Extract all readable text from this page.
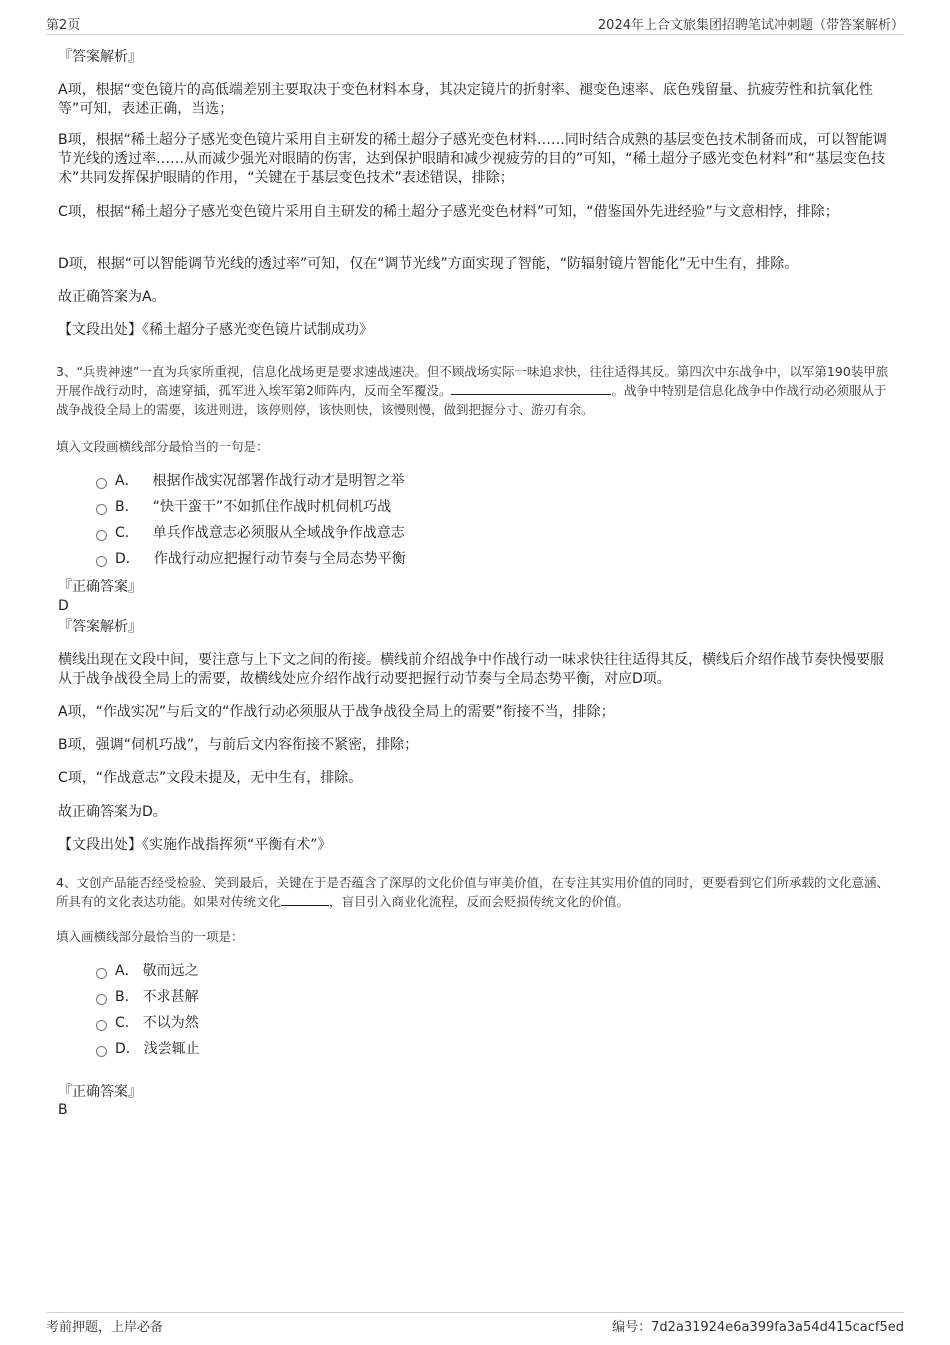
第2页	2024年上合文旅集团招聘笔试冲刺题（带答案解析）
『答案解析』
A项，根据“变色镜片的高低端差别主要取决于变色材料本身，其决定镜片的折射率、褪变色速率、底色残留量、抗疲劳性和抗氧化性等”可知，表述正确，当选；
B项，根据“稀土超分子感光变色镜片采用自主研发的稀土超分子感光变色材料……同时结合成熟的基层变色技术制备而成，可以智能调节光线的透过率……从而减少强光对眼睛的伤害，达到保护眼睛和减少视疲劳的目的”可知，“稀土超分子感光变色材料”和“基层变色技术”共同发挥保护眼睛的作用，“关键在于基层变色技术”表述错误，排除；
C项，根据“稀土超分子感光变色镜片采用自主研发的稀土超分子感光变色材料”可知，“借鉴国外先进经验”与文意相悖，排除；
D项，根据“可以智能调节光线的透过率”可知，仅在“调节光线”方面实现了智能，“防辐射镜片智能化”无中生有，排除。
故正确答案为A。
【文段出处】《稀土超分子感光变色镜片试制成功》
3、“兵贵神速”一直为兵家所重视，信息化战场更是要求速战速决。但不顾战场实际一味追求快，往往适得其反。第四次中东战争中，以军第190装甲旅开展作战行动时，高速穿插，孤军进入埃军第2师阵内，反而全军覆没。	。战争中特别是信息化战争中作战行动必须服从于战争战役全局上的需要，该进则进，该停则停，该快则快，该慢则慢，做到把握分寸、游刃有余。
填入文段画横线部分最恰当的一句是：
A． 根据作战实况部署作战行动才是明智之举
B． “快干蛮干”不如抓住作战时机伺机巧战
C． 单兵作战意志必须服从全域战争作战意志
D． 作战行动应把握行动节奏与全局态势平衡
『正确答案』
D
『答案解析』
横线出现在文段中间，要注意与上下文之间的衔接。横线前介绍战争中作战行动一味求快往往适得其反，横线后介绍作战节奏快慢要服从于战争战役全局上的需要，故横线处应介绍作战行动要把握行动节奏与全局态势平衡，对应D项。
A项，“作战实况”与后文的“作战行动必须服从于战争战役全局上的需要”衔接不当，排除；
B项，强调“伺机巧战”，与前后文内容衔接不紧密，排除；
C项，“作战意志”文段未提及，无中生有，排除。
故正确答案为D。
【文段出处】《实施作战指挥须“平衡有术”》
4、文创产品能否经受检验、笑到最后，关键在于是否蕴含了深厚的文化价值与审美价值，在专注其实用价值的同时，更要看到它们所承载的文化意涵、所具有的文化表达功能。如果对传统文化	，盲目引入商业化流程，反而会贬损传统文化的价值。
填入画横线部分最恰当的一项是：
A． 敬而远之
B． 不求甚解
C． 不以为然
D． 浅尝辄止
『正确答案』
B
考前押题，上岸必备	编号：7d2a31924e6a399fa3a54d415cacf5ed
